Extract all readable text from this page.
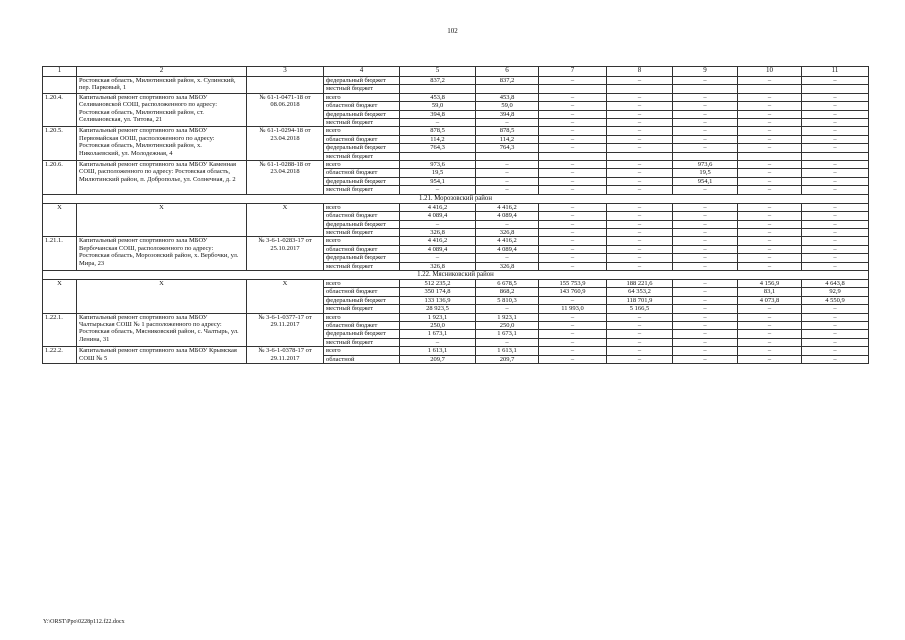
102
1	2	3	4	5	6	7	8	9	10	11
	Ростовская область, Милютинский район, х. Сулинский, пер. Парковый, 1		федеральный бюджет	837,2	837,2	–	–	–	–	–
			местный бюджет							
1.20.4.	Капитальный ремонт спортивного зала МБОУ Селивановской СОШ, расположенного по адресу: Ростовская область, Милютинский район, ст. Селивановская, ул. Титова, 21	№ 61-1-0471-18 от 08.06.2018	всего	453,8	453,8	–	–	–	–	–
			областной бюджет	59,0	59,0	–	–	–	–	–
			федеральный бюджет	394,8	394,8	–	–	–	–	–
			местный бюджет	–	–	–	–	–	–	–
1.20.5.	Капитальный ремонт спортивного зала МБОУ Первомайская ООШ, расположенного по адресу: Ростовская область, Милютинский район, х. Николаевский, ул. Молодежная, 4	№ 61-1-0294-18 от 23.04.2018	всего	878,5	878,5	–	–	–	–	–
			областной бюджет	114,2	114,2	–	–	–	–	–
			федеральный бюджет	764,3	764,3	–	–	–	–	–
			местный бюджет							
1.20.6.	Капитальный ремонт спортивного зала МБОУ Каменная СОШ, расположенного по адресу: Ростовская область, Милютинский район, п. Доброполье, ул. Солнечная, д. 2	№ 61-1-0288-18 от 23.04.2018	всего	973,6	–	–	–	973,6	–	–
			областной бюджет	19,5	–	–	–	19,5	–	–
			федеральный бюджет	954,1	–	–	–	954,1	–	–
			местный бюджет	–	–	–	–	–	–	–
1.21. Морозовский район										
X	X	X	всего	4 416,2	4 416,2	–	–	–	–	–
			областной бюджет	4 089,4	4 089,4	–	–	–	–	–
			федеральный бюджет	–	–	–	–	–	–	–
			местный бюджет	326,8	326,8	–	–	–	–	–
1.21.1.	Капитальный ремонт спортивного зала МБОУ Вербочанская СОШ, расположенного по адресу: Ростовская область, Морозовский район, х. Вербочки, ул. Мира, 23	№ 3-6-1-0283-17 от 25.10.2017	всего	4 416,2	4 416,2	–	–	–	–	–
			областной бюджет	4 089,4	4 089,4	–	–	–	–	–
			федеральный бюджет	–	–	–	–	–	–	–
			местный бюджет	326,8	326,8	–	–	–	–	–
1.22. Мясниковский район										
X	X	X	всего	512 235,2	6 678,5	155 753,9	188 221,6	–	4 156,9	4 643,8
			областной бюджет	350 174,8	868,2	143 760,9	64 353,2	–	83,1	92,9
			федеральный бюджет	133 136,9	5 810,3	–	118 701,9	–	4 073,8	4 550,9
			местный бюджет	28 923,5	–	11 993,0	5 166,5	–	–	–
1.22.1.	Капитальный ремонт спортивного зала МБОУ Чалтырьская СОШ № 1 расположенного по адресу: Ростовская область, Мясниковский район, с. Чалтырь, ул. Ленина, 31	№ 3-6-1-0377-17 от 29.11.2017	всего	1 923,1	1 923,1	–	–	–	–	–
			областной бюджет	250,0	250,0	–	–	–	–	–
			федеральный бюджет	1 673,1	1 673,1	–	–	–	–	–
			местный бюджет	–	–	–	–	–	–	–
1.22.2.	Капитальный ремонт спортивного зала МБОУ Крымская СОШ № 5	№ 3-6-1-0378-17 от 29.11.2017	всего	1 613,1	1 613,1	–	–	–	–	–
			областной	209,7	209,7	–	–	–	–	–
Y:\ORST\Ppo\0228p112.f22.docx
